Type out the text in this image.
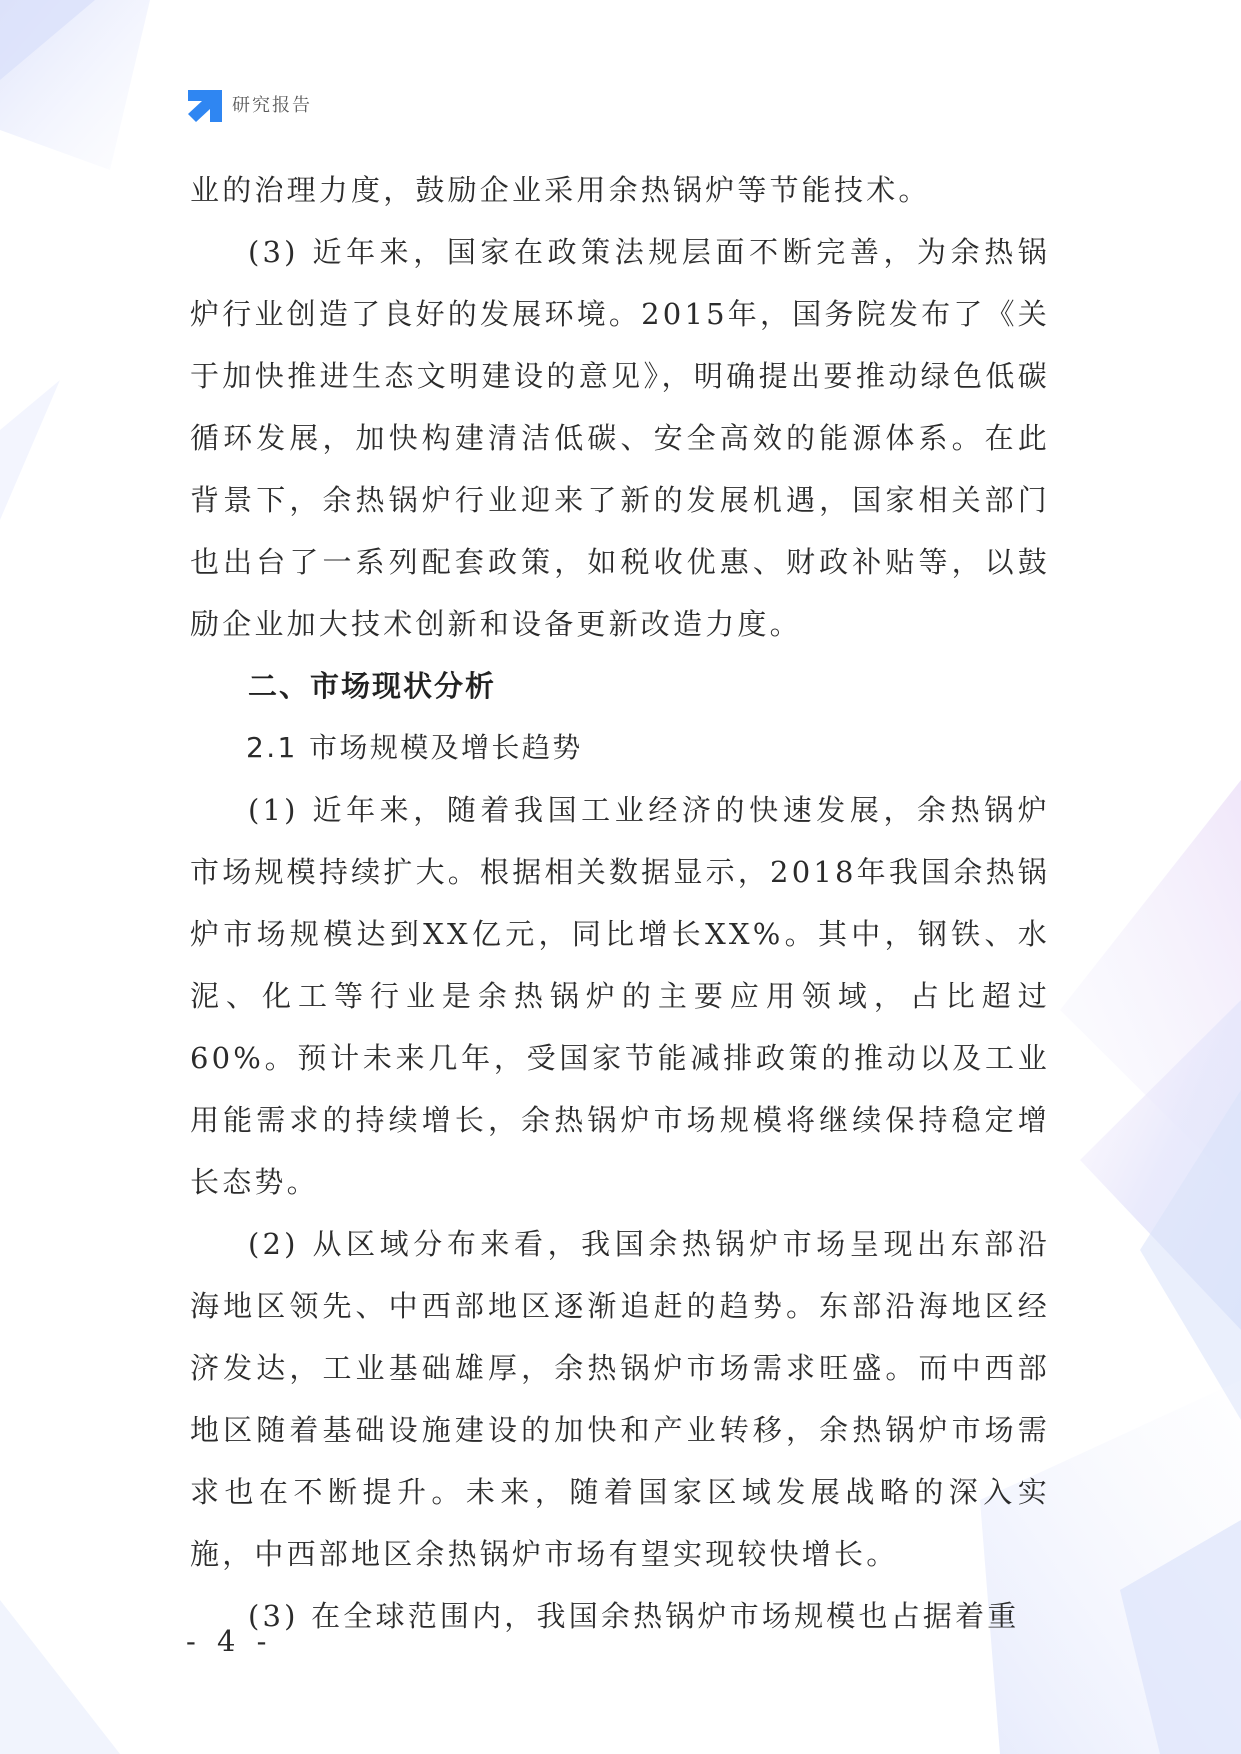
研究报告

业的治理力度，鼓励企业采用余热锅炉等节能技术。

(3) 近年来，国家在政策法规层面不断完善，为余热锅炉行业创造了良好的发展环境。2015年，国务院发布了《关于加快推进生态文明建设的意见》，明确提出要推动绿色低碳循环发展，加快构建清洁低碳、安全高效的能源体系。在此背景下，余热锅炉行业迎来了新的发展机遇，国家相关部门也出台了一系列配套政策，如税收优惠、财政补贴等，以鼓励企业加大技术创新和设备更新改造力度。

二、市场现状分析

2.1 市场规模及增长趋势

(1) 近年来，随着我国工业经济的快速发展，余热锅炉市场规模持续扩大。根据相关数据显示，2018年我国余热锅炉市场规模达到XX亿元，同比增长XX%。其中，钢铁、水泥、化工等行业是余热锅炉的主要应用领域，占比超过60%。预计未来几年，受国家节能减排政策的推动以及工业用能需求的持续增长，余热锅炉市场规模将继续保持稳定增长态势。

(2) 从区域分布来看，我国余热锅炉市场呈现出东部沿海地区领先、中西部地区逐渐追赶的趋势。东部沿海地区经济发达，工业基础雄厚，余热锅炉市场需求旺盛。而中西部地区随着基础设施建设的加快和产业转移，余热锅炉市场需求也在不断提升。未来，随着国家区域发展战略的深入实施，中西部地区余热锅炉市场有望实现较快增长。

(3) 在全球范围内，我国余热锅炉市场规模也占据着重

- 4 -
